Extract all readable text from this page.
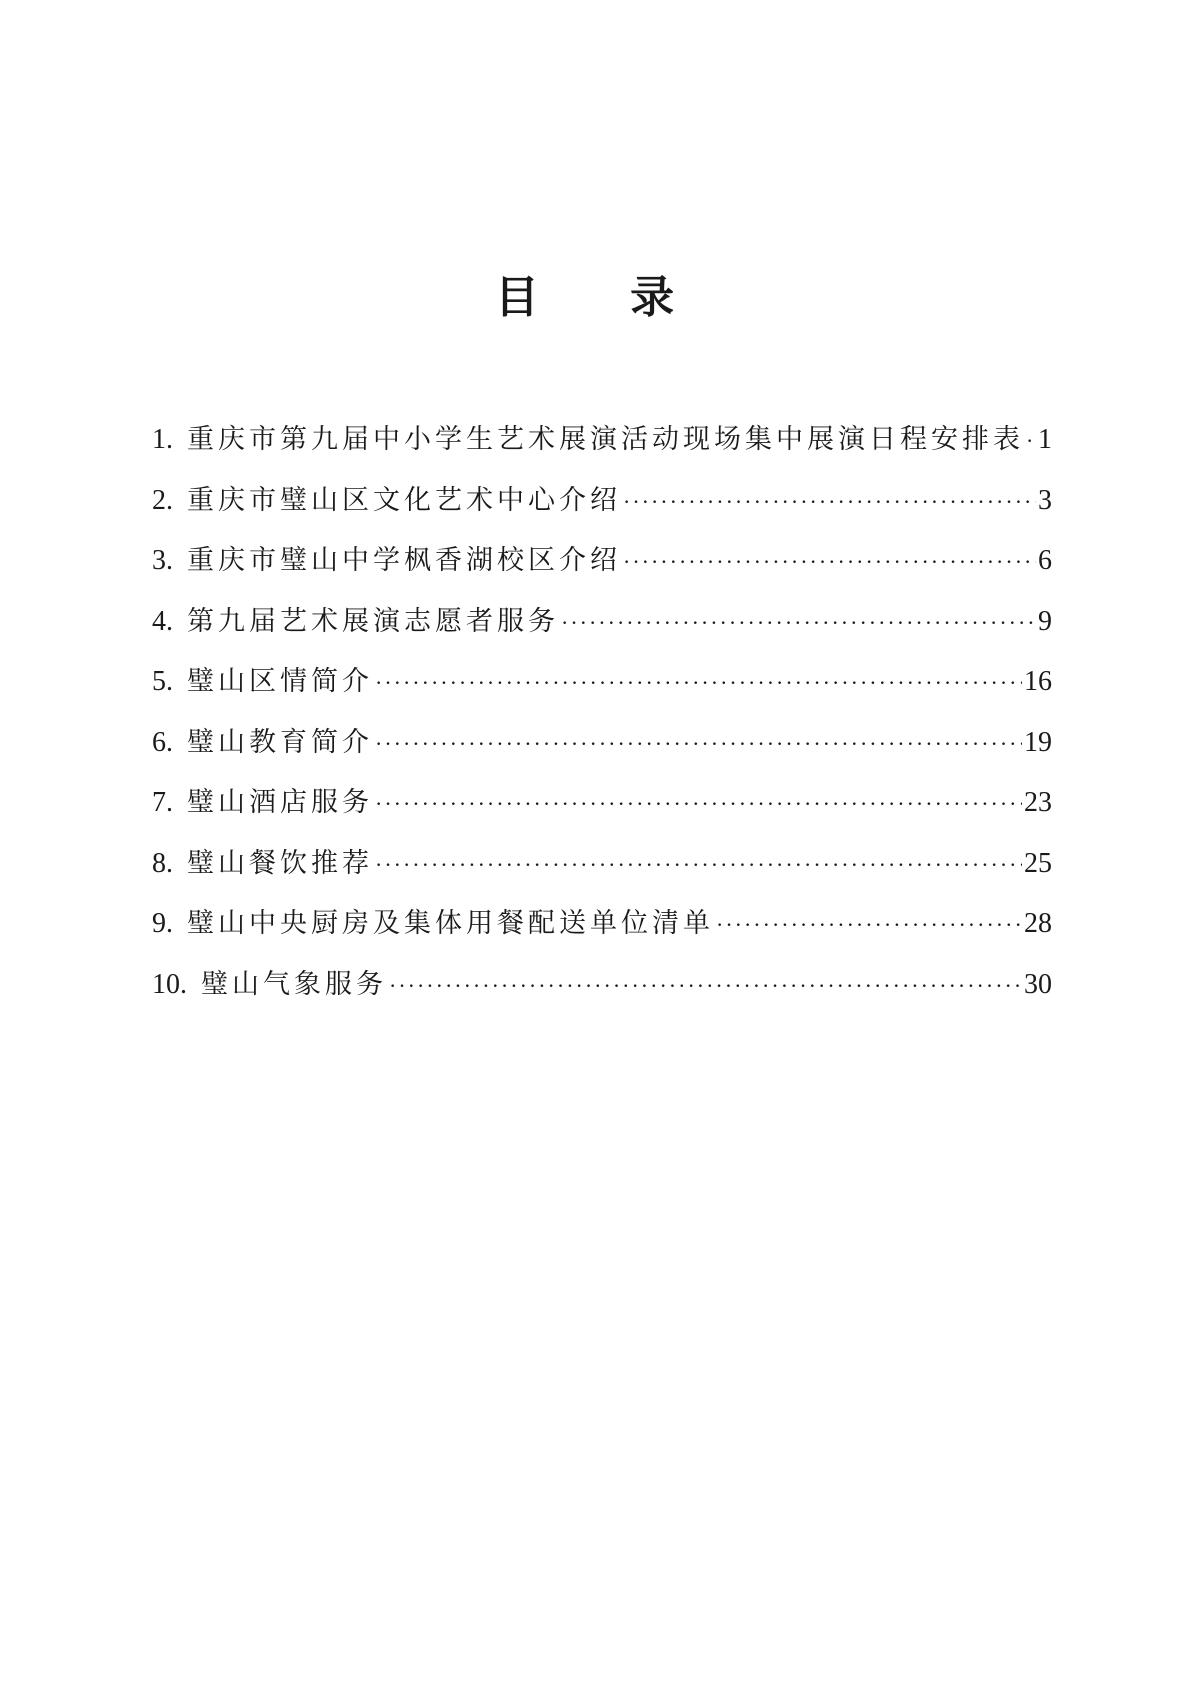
目 录
1. 重庆市第九届中小学生艺术展演活动现场集中展演日程安排表 ····· 1
2. 重庆市璧山区文化艺术中心介绍 ·····	3
3. 重庆市璧山中学枫香湖校区介绍 ·····	6
4. 第九届艺术展演志愿者服务 ·····	9
5. 璧山区情简介 ·····	16
6. 璧山教育简介 ·····	19
7. 璧山酒店服务 ·····	23
8. 璧山餐饮推荐 ·····	25
9. 璧山中央厨房及集体用餐配送单位清单 ·····	28
10. 璧山气象服务 ·····	30
